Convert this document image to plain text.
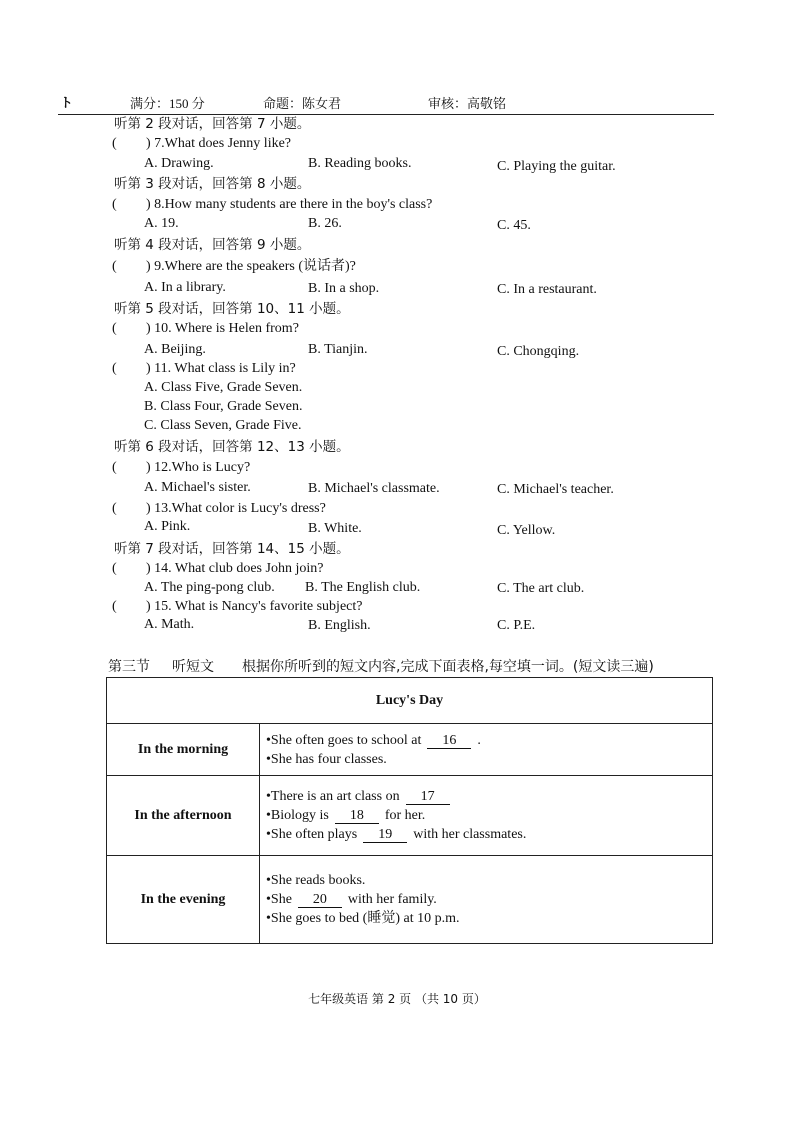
ト	满分：150 分	命题：陈女君	审核：高敬铭
听第 2 段对话，回答第 7 小题。
( ) 7.What does Jenny like?
A. Drawing.	B. Reading books.	C. Playing the guitar.
听第 3 段对话，回答第 8 小题。
( ) 8.How many students are there in the boy's class?
A. 19.	B. 26.	C. 45.
听第 4 段对话，回答第 9 小题。
( ) 9.Where are the speakers (说话者)?
A. In a library.	B. In a shop.	C. In a restaurant.
听第 5 段对话，回答第 10、11 小题。
( ) 10. Where is Helen from?
A. Beijing.	B. Tianjin.	C. Chongqing.
( ) 11. What class is Lily in?
A. Class Five, Grade Seven.
B. Class Four, Grade Seven.
C. Class Seven, Grade Five.
听第 6 段对话，回答第 12、13 小题。
( ) 12.Who is Lucy?
A. Michael's sister.	B. Michael's classmate.	C. Michael's teacher.
( ) 13.What color is Lucy's dress?
A. Pink.	B. White.	C. Yellow.
听第 7 段对话，回答第 14、15 小题。
( ) 14. What club does John join?
A. The ping-pong club. B. The English club.	C. The art club.
( ) 15. What is Nancy's favorite subject?
A. Math.	B. English.	C. P.E.
第三节 听短文 根据你所听到的短文内容,完成下面表格,每空填一词。(短文读三遍)
Lucy's Day	
In the morning	•She often goes to school at 16 .
•She has four classes.

In the afternoon	•There is an art class on 17
•Biology is 18 for her.
•She often plays 19 with her classmates.

In the evening	•She reads books.
•She 20 with her family.
•She goes to bed (睡觉) at 10 p.m.
七年级英语 第 2 页 （共 10 页）
